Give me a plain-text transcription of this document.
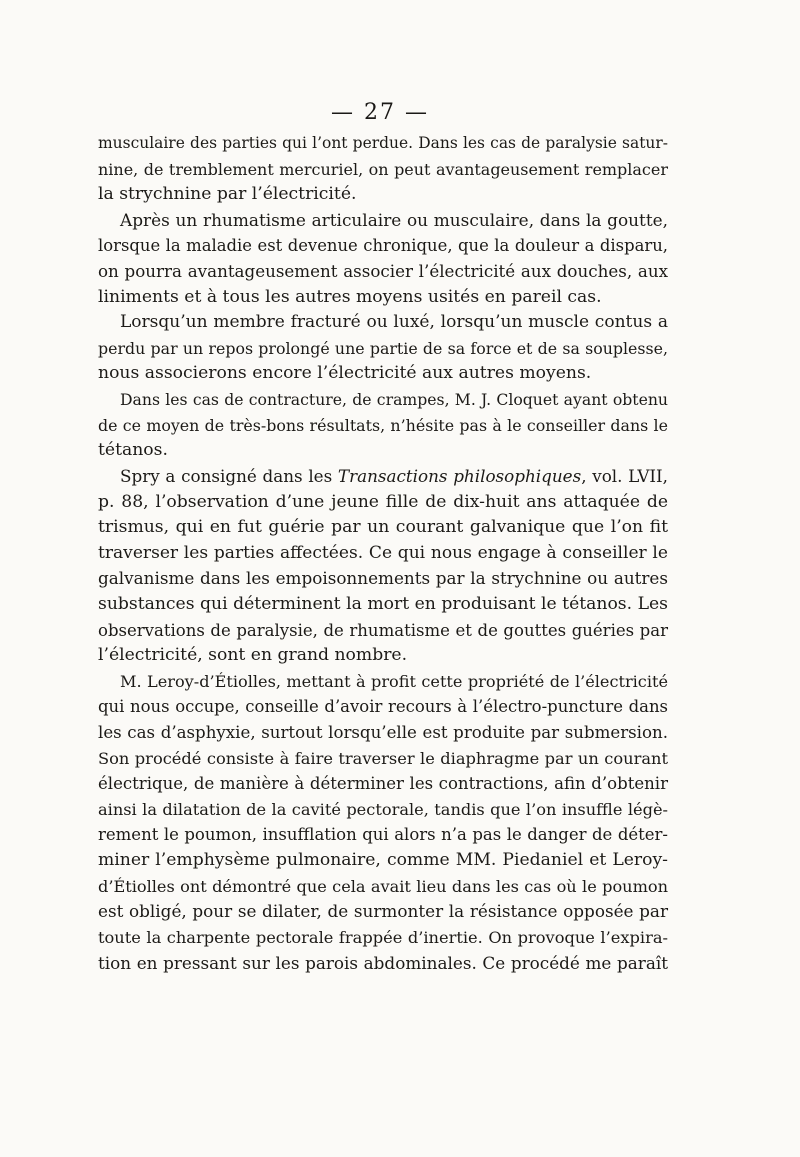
— 27 —
musculaire des parties qui l’ont perdue. Dans les cas de paralysie satur-
nine, de tremblement mercuriel, on peut avantageusement remplacer
la strychnine par l’électricité.
Après un rhumatisme articulaire ou musculaire, dans la goutte,
lorsque la maladie est devenue chronique, que la douleur a disparu,
on pourra avantageusement associer l’électricité aux douches, aux
liniments et à tous les autres moyens usités en pareil cas.
Lorsqu’un membre fracturé ou luxé, lorsqu’un muscle contus a
perdu par un repos prolongé une partie de sa force et de sa souplesse,
nous associerons encore l’électricité aux autres moyens.
Dans les cas de contracture, de crampes, M. J. Cloquet ayant obtenu
de ce moyen de très-bons résultats, n’hésite pas à le conseiller dans le
tétanos.
Spry a consigné dans les Transactions philosophiques, vol. LVII,
p. 88, l’observation d’une jeune fille de dix-huit ans attaquée de
trismus, qui en fut guérie par un courant galvanique que l’on fit
traverser les parties affectées. Ce qui nous engage à conseiller le
galvanisme dans les empoisonnements par la strychnine ou autres
substances qui déterminent la mort en produisant le tétanos. Les
observations de paralysie, de rhumatisme et de gouttes guéries par
l’électricité, sont en grand nombre.
M. Leroy-d’Étiolles, mettant à profit cette propriété de l’électricité
qui nous occupe, conseille d’avoir recours à l’électro-puncture dans
les cas d’asphyxie, surtout lorsqu’elle est produite par submersion.
Son procédé consiste à faire traverser le diaphragme par un courant
électrique, de manière à déterminer les contractions, afin d’obtenir
ainsi la dilatation de la cavité pectorale, tandis que l’on insuffle légè-
rement le poumon, insufflation qui alors n’a pas le danger de déter-
miner l’emphysème pulmonaire, comme MM. Piedaniel et Leroy-
d’Étiolles ont démontré que cela avait lieu dans les cas où le poumon
est obligé, pour se dilater, de surmonter la résistance opposée par
toute la charpente pectorale frappée d’inertie. On provoque l’expira-
tion en pressant sur les parois abdominales. Ce procédé me paraît
